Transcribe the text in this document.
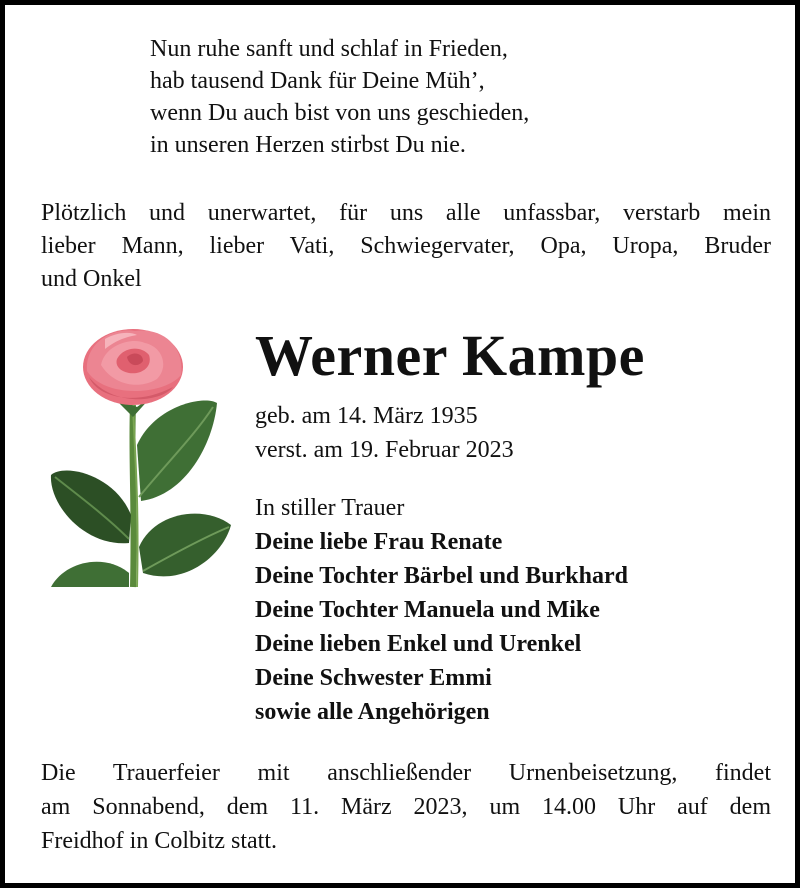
Nun ruhe sanft und schlaf in Frieden,
hab tausend Dank für Deine Müh’,
wenn Du auch bist von uns geschieden,
in unseren Herzen stirbst Du nie.
Plötzlich und unerwartet, für uns alle unfassbar, verstarb mein
lieber Mann, lieber Vati, Schwiegervater, Opa, Uropa, Bruder
und Onkel
Werner Kampe
geb. am 14. März 1935
verst. am 19. Februar 2023
In stiller Trauer
Deine liebe Frau Renate
Deine Tochter Bärbel und Burkhard
Deine Tochter Manuela und Mike
Deine lieben Enkel und Urenkel
Deine Schwester Emmi
sowie alle Angehörigen
Die Trauerfeier mit anschließender Urnenbeisetzung, findet
am Sonnabend, dem 11. März 2023, um 14.00 Uhr auf dem
Freidhof in Colbitz statt.
